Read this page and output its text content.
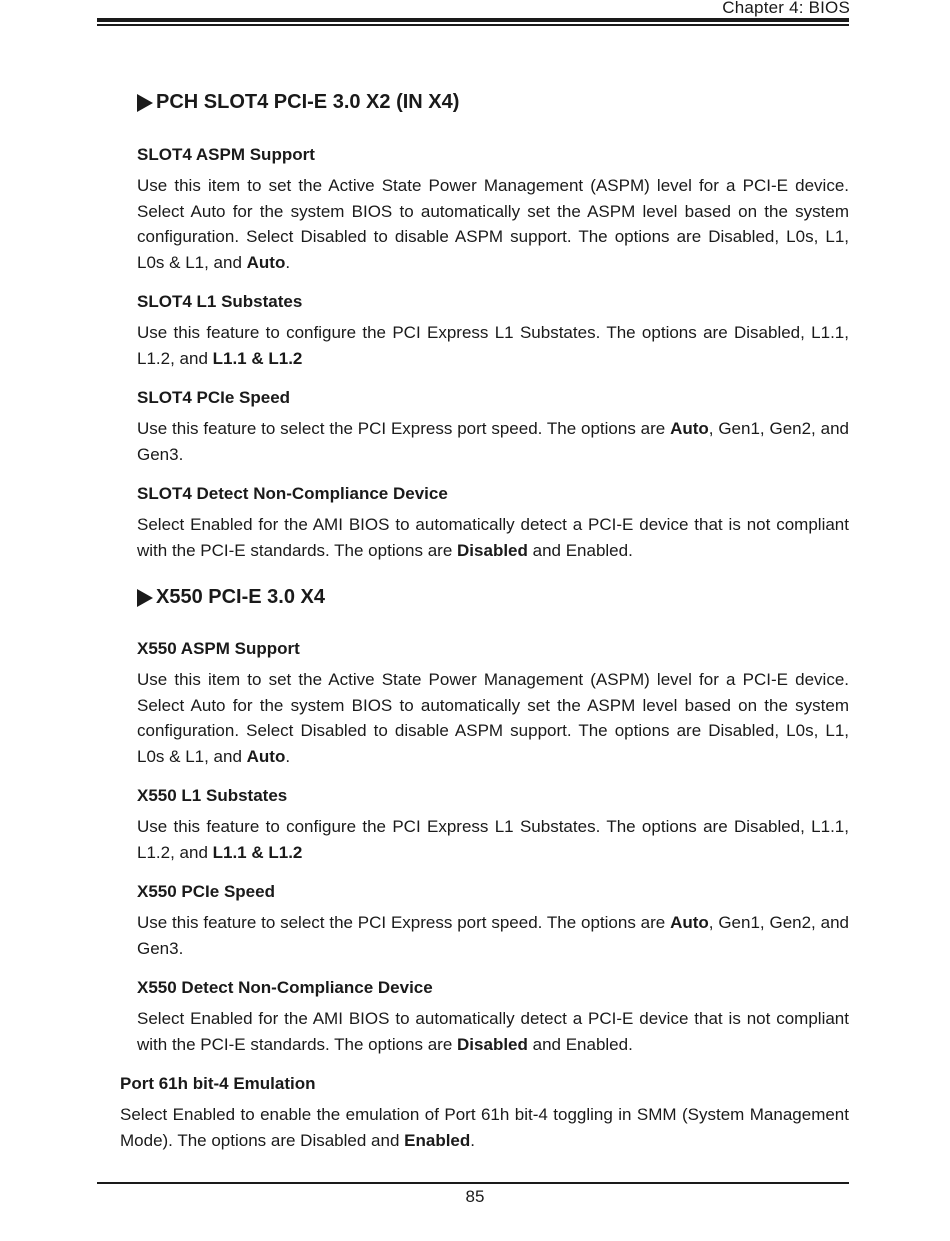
Chapter 4: BIOS
PCH SLOT4 PCI-E 3.0 X2 (IN X4)
SLOT4 ASPM Support
Use this item to set the Active State Power Management (ASPM) level for a PCI-E device. Select Auto for the system BIOS to automatically set the ASPM level based on the system configuration. Select Disabled to disable ASPM support. The options are Disabled, L0s, L1, L0s & L1, and Auto.
SLOT4 L1 Substates
Use this feature to configure the PCI Express L1 Substates. The options are Disabled, L1.1, L1.2, and L1.1 & L1.2
SLOT4 PCIe Speed
Use this feature to select the PCI Express port speed. The options are Auto, Gen1, Gen2, and Gen3.
SLOT4 Detect Non-Compliance Device
Select Enabled for the AMI BIOS to automatically detect a PCI-E device that is not compliant with the PCI-E standards. The options are Disabled and Enabled.
X550 PCI-E 3.0 X4
X550 ASPM Support
Use this item to set the Active State Power Management (ASPM) level for a PCI-E device. Select Auto for the system BIOS to automatically set the ASPM level based on the system configuration. Select Disabled to disable ASPM support. The options are Disabled, L0s, L1, L0s & L1, and Auto.
X550 L1 Substates
Use this feature to configure the PCI Express L1 Substates. The options are Disabled, L1.1, L1.2, and L1.1 & L1.2
X550 PCIe Speed
Use this feature to select the PCI Express port speed. The options are Auto, Gen1, Gen2, and Gen3.
X550 Detect Non-Compliance Device
Select Enabled for the AMI BIOS to automatically detect a PCI-E device that is not compliant with the PCI-E standards. The options are Disabled and Enabled.
Port 61h bit-4 Emulation
Select Enabled to enable the emulation of Port 61h bit-4 toggling in SMM (System Management Mode). The options are Disabled and Enabled.
85
